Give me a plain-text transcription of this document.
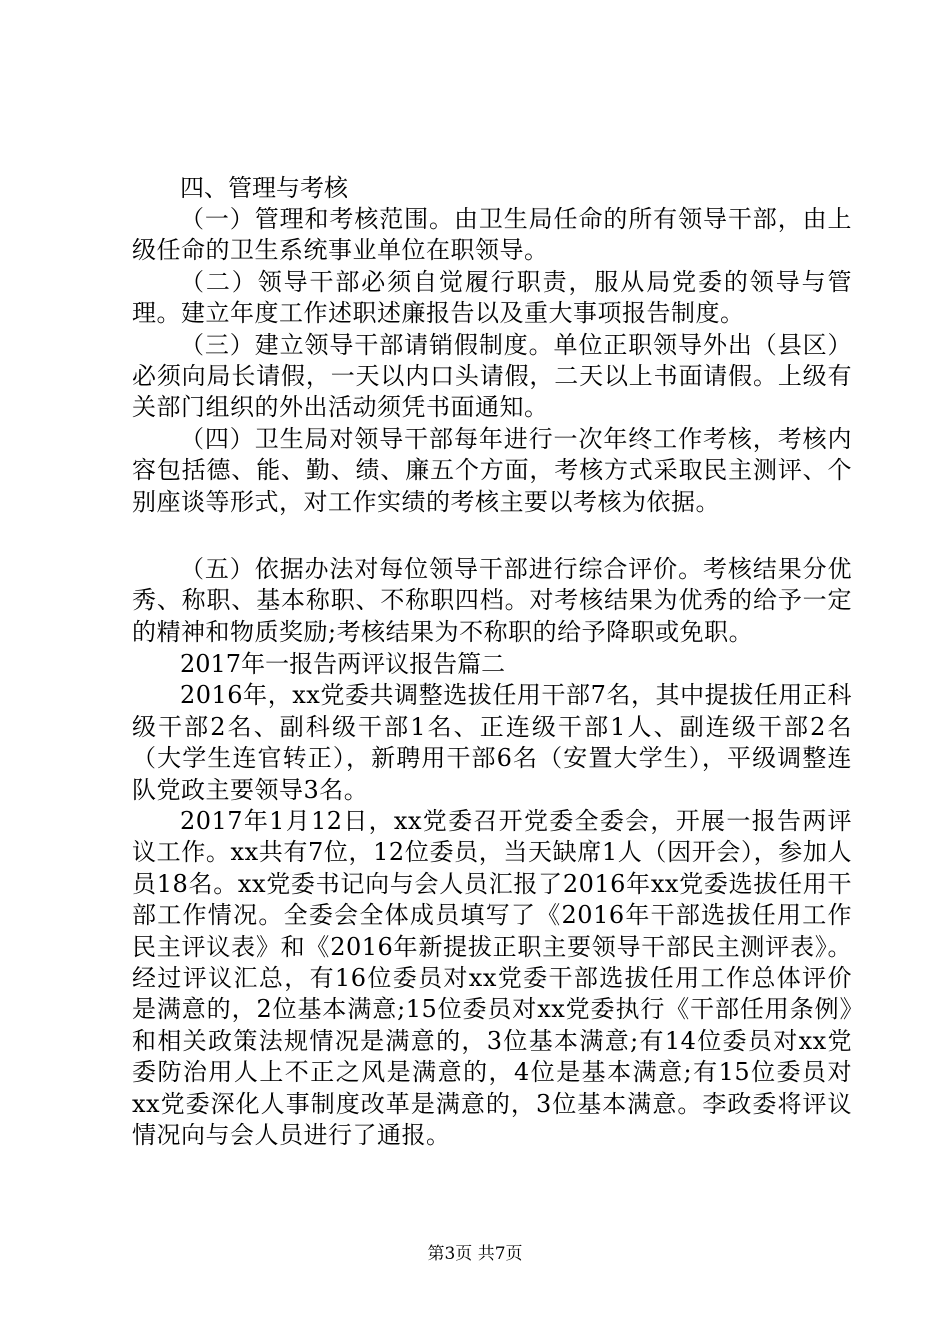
四、管理与考核

（一）管理和考核范围。由卫生局任命的所有领导干部，由上级任命的卫生系统事业单位在职领导。

（二）领导干部必须自觉履行职责，服从局党委的领导与管理。建立年度工作述职述廉报告以及重大事项报告制度。

（三）建立领导干部请销假制度。单位正职领导外出（县区）必须向局长请假，一天以内口头请假，二天以上书面请假。上级有关部门组织的外出活动须凭书面通知。

（四）卫生局对领导干部每年进行一次年终工作考核，考核内容包括德、能、勤、绩、廉五个方面，考核方式采取民主测评、个别座谈等形式，对工作实绩的考核主要以考核为依据。

（五）依据办法对每位领导干部进行综合评价。考核结果分优秀、称职、基本称职、不称职四档。对考核结果为优秀的给予一定的精神和物质奖励;考核结果为不称职的给予降职或免职。

2017年一报告两评议报告篇二

2016年，xx党委共调整选拔任用干部7名，其中提拔任用正科级干部2名、副科级干部1名、正连级干部1人、副连级干部2名（大学生连官转正），新聘用干部6名（安置大学生），平级调整连队党政主要领导3名。

2017年1月12日，xx党委召开党委全委会，开展一报告两评议工作。xx共有7位，12位委员，当天缺席1人（因开会），参加人员18名。xx党委书记向与会人员汇报了2016年xx党委选拔任用干部工作情况。全委会全体成员填写了《2016年干部选拔任用工作民主评议表》和《2016年新提拔正职主要领导干部民主测评表》。经过评议汇总，有16位委员对xx党委干部选拔任用工作总体评价是满意的，2位基本满意;15位委员对xx党委执行《干部任用条例》和相关政策法规情况是满意的，3位基本满意;有14位委员对xx党委防治用人上不正之风是满意的，4位是基本满意;有15位委员对xx党委深化人事制度改革是满意的，3位基本满意。李政委将评议情况向与会人员进行了通报。

第3页 共7页
